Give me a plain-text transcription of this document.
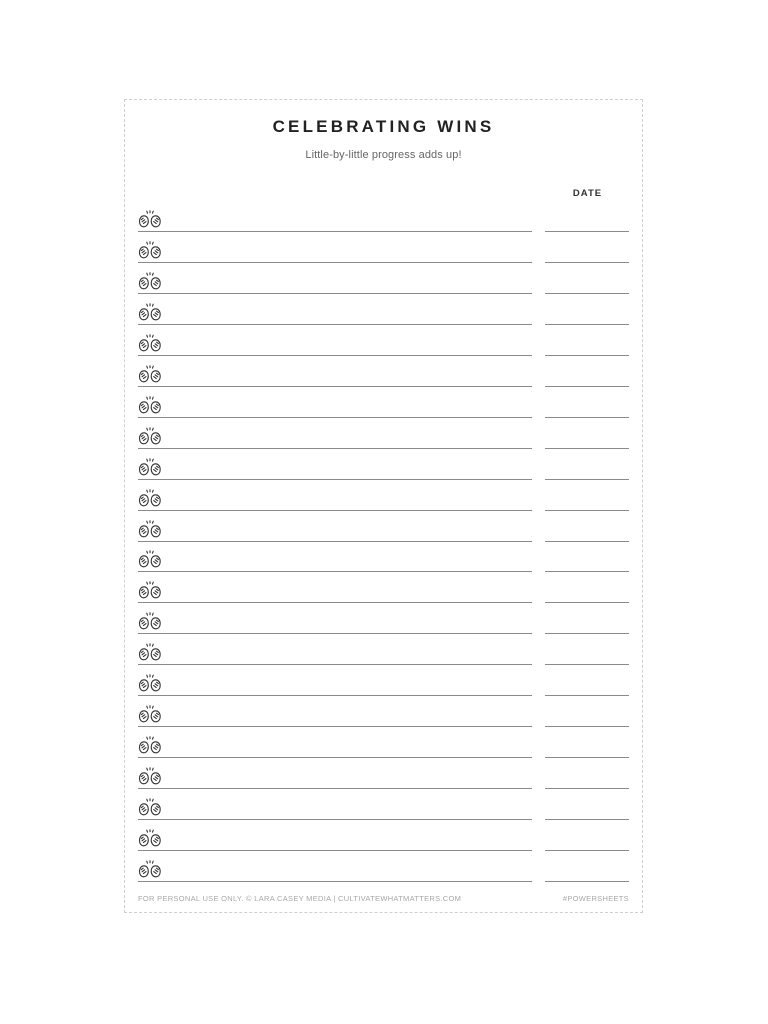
CELEBRATING WINS
Little-by-little progress adds up!
DATE
FOR PERSONAL USE ONLY. © LARA CASEY MEDIA | CULTIVATEWHATMATTERS.COM	#POWERSHEETS
